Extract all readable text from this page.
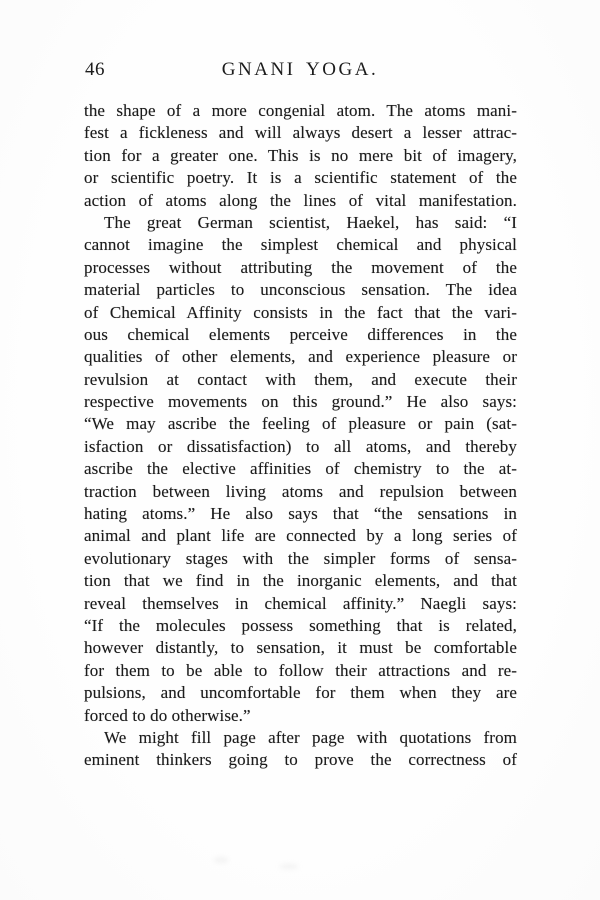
46	GNANI YOGA.
the shape of a more congenial atom. The atoms mani-
fest a fickleness and will always desert a lesser attrac-
tion for a greater one. This is no mere bit of imagery,
or scientific poetry. It is a scientific statement of the
action of atoms along the lines of vital manifestation.
The great German scientist, Haekel, has said: “I
cannot imagine the simplest chemical and physical
processes without attributing the movement of the
material particles to unconscious sensation. The idea
of Chemical Affinity consists in the fact that the vari-
ous chemical elements perceive differences in the
qualities of other elements, and experience pleasure or
revulsion at contact with them, and execute their
respective movements on this ground.” He also says:
“We may ascribe the feeling of pleasure or pain (sat-
isfaction or dissatisfaction) to all atoms, and thereby
ascribe the elective affinities of chemistry to the at-
traction between living atoms and repulsion between
hating atoms.” He also says that “the sensations in
animal and plant life are connected by a long series of
evolutionary stages with the simpler forms of sensa-
tion that we find in the inorganic elements, and that
reveal themselves in chemical affinity.” Naegli says:
“If the molecules possess something that is related,
however distantly, to sensation, it must be comfortable
for them to be able to follow their attractions and re-
pulsions, and uncomfortable for them when they are
forced to do otherwise.”
We might fill page after page with quotations from
eminent thinkers going to prove the correctness of
